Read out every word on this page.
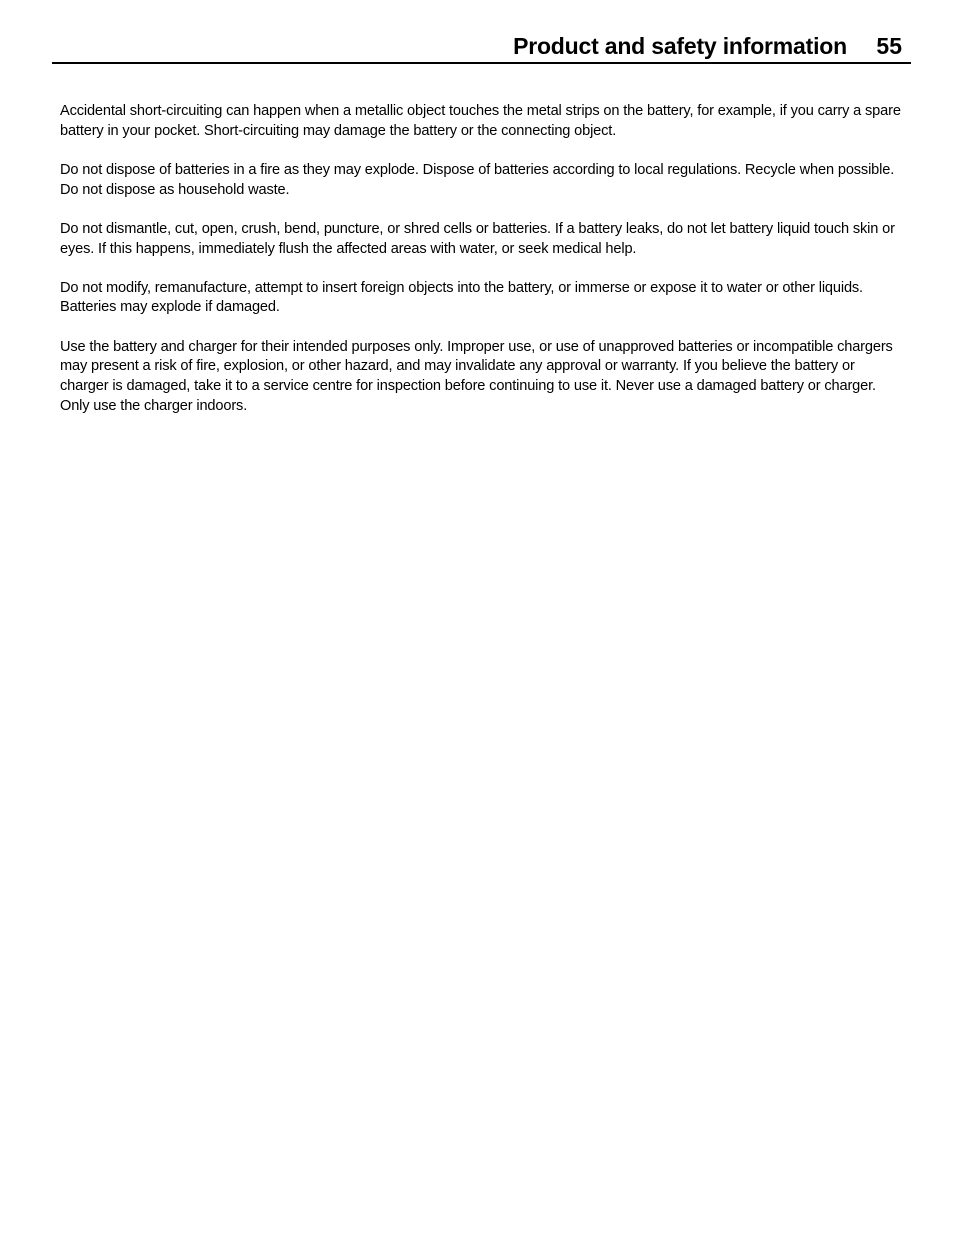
Product and safety information 55

Accidental short-circuiting can happen when a metallic object touches the metal strips on the battery, for example, if you carry a spare battery in your pocket. Short-circuiting may damage the battery or the connecting object.

Do not dispose of batteries in a fire as they may explode. Dispose of batteries according to local regulations. Recycle when possible. Do not dispose as household waste.

Do not dismantle, cut, open, crush, bend, puncture, or shred cells or batteries. If a battery leaks, do not let battery liquid touch skin or eyes. If this happens, immediately flush the affected areas with water, or seek medical help.

Do not modify, remanufacture, attempt to insert foreign objects into the battery, or immerse or expose it to water or other liquids. Batteries may explode if damaged.

Use the battery and charger for their intended purposes only. Improper use, or use of unapproved batteries or incompatible chargers may present a risk of fire, explosion, or other hazard, and may invalidate any approval or warranty. If you believe the battery or charger is damaged, take it to a service centre for inspection before continuing to use it. Never use a damaged battery or charger. Only use the charger indoors.
